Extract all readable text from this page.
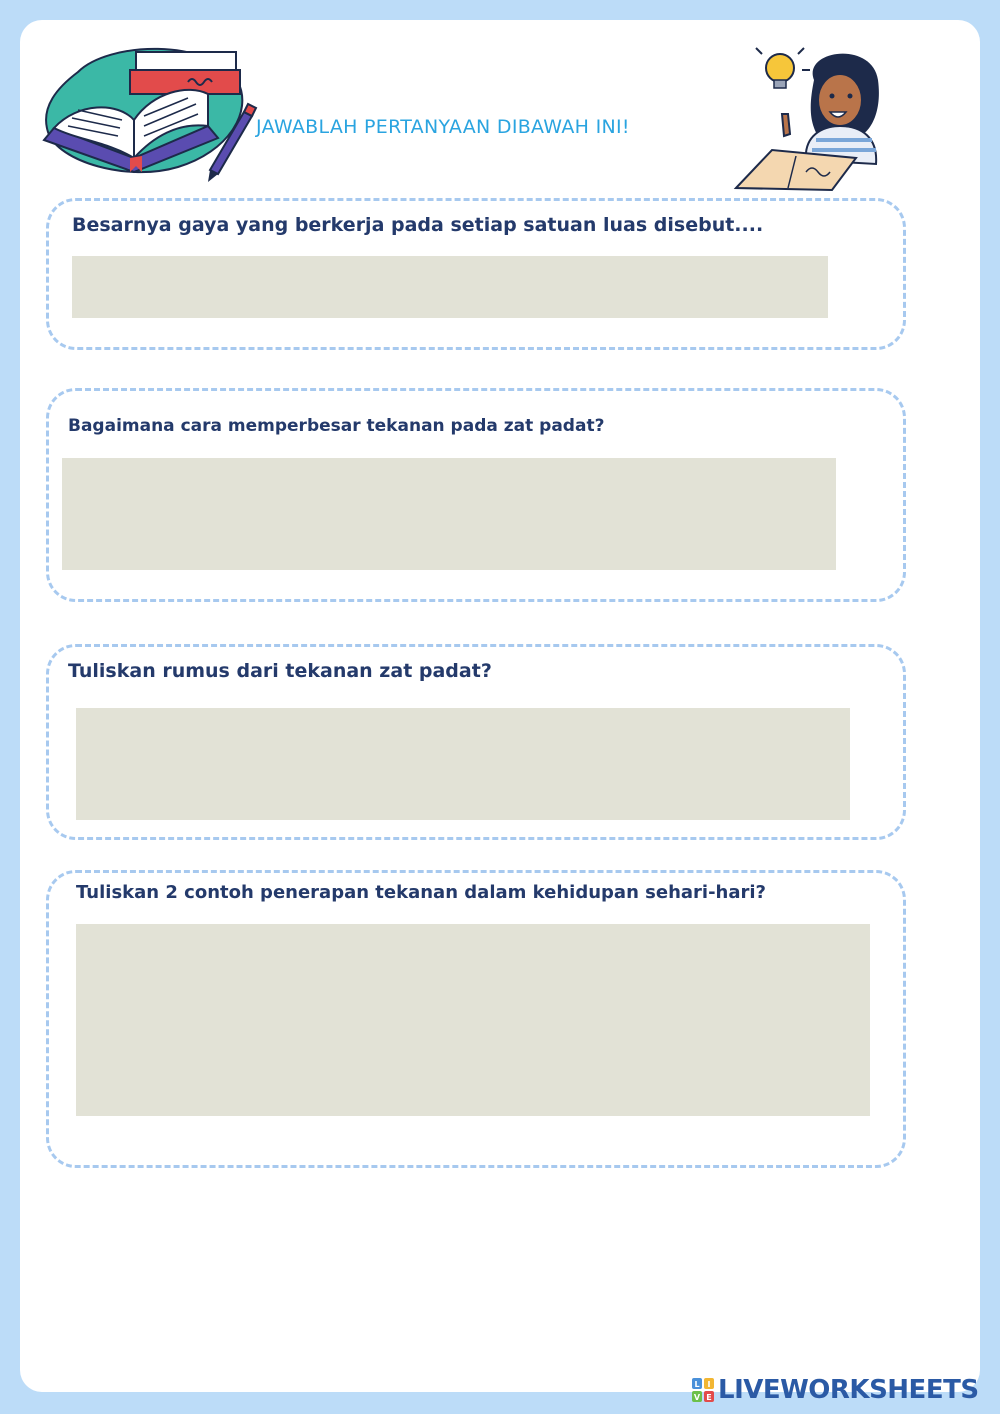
JAWABLAH PERTANYAAN DIBAWAH INI!
Besarnya gaya yang berkerja pada setiap satuan luas disebut....
Bagaimana cara memperbesar tekanan pada zat padat?
Tuliskan rumus dari tekanan zat padat?
Tuliskan 2 contoh penerapan tekanan dalam kehidupan sehari-hari?
L I
V E LIVEWORKSHEETS
